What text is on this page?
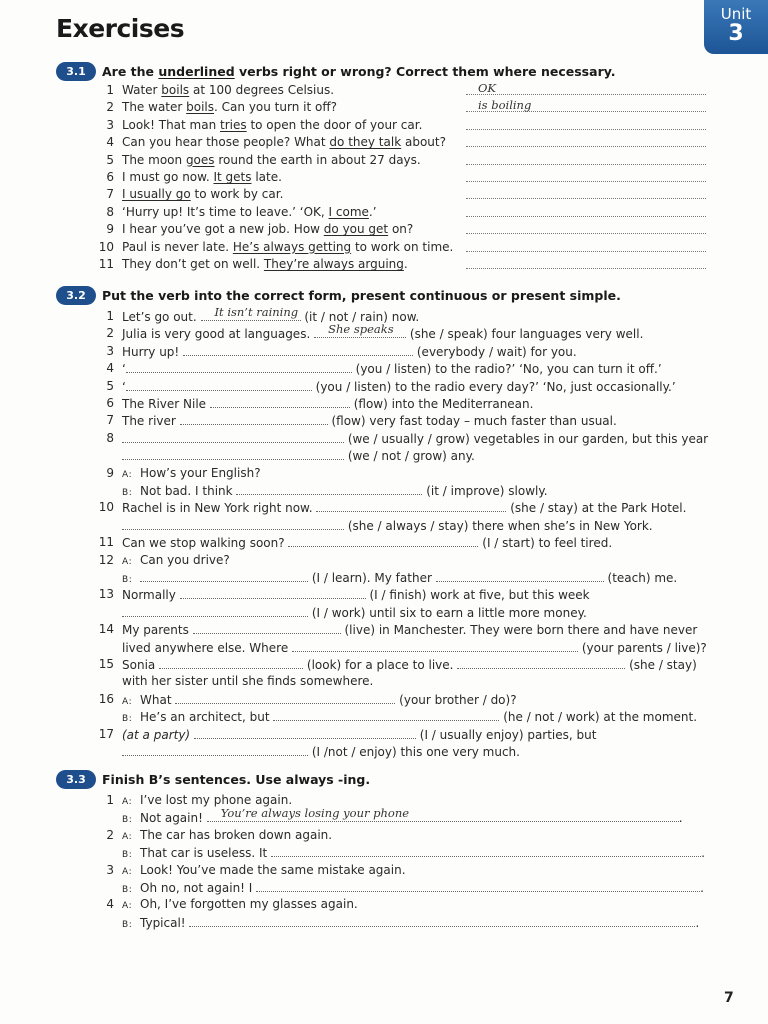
Exercises	Unit
3
3.1	Are the underlined verbs right or wrong? Correct them where necessary.
1 Water boils at 100 degrees Celsius.	OK
2 The water boils. Can you turn it off?	is boiling
3 Look! That man tries to open the door of your car.
4 Can you hear those people? What do they talk about?
5 The moon goes round the earth in about 27 days.
6 I must go now. It gets late.
7 I usually go to work by car.
8 ‘Hurry up! It’s time to leave.’ ‘OK, I come.’
9 I hear you’ve got a new job. How do you get on?
10 Paul is never late. He’s always getting to work on time.
11 They don’t get on well. They’re always arguing.
3.2	Put the verb into the correct form, present continuous or present simple.
1 Let’s go out. It isn’t raining (it / not / rain) now.
2 Julia is very good at languages. She speaks (she / speak) four languages very well.
3 Hurry up!	(everybody / wait) for you.
4 ‘	(you / listen) to the radio?’ ‘No, you can turn it off.’
5 ‘	(you / listen) to the radio every day?’ ‘No, just occasionally.’
6 The River Nile	(flow) into the Mediterranean.
7 The river	(flow) very fast today – much faster than usual.
8	(we / usually / grow) vegetables in our garden, but this year
(we / not / grow) any.
9 A: How’s your English?
B: Not bad. I think	(it / improve) slowly.
10 Rachel is in New York right now.	(she / stay) at the Park Hotel.
(she / always / stay) there when she’s in New York.
11 Can we stop walking soon?	(I / start) to feel tired.
12 A: Can you drive?
B:	(I / learn). My father	(teach) me.
13 Normally	(I / finish) work at five, but this week
(I / work) until six to earn a little more money.
14 My parents	(live) in Manchester. They were born there and have never
lived anywhere else. Where	(your parents / live)?
15 Sonia	(look) for a place to live.	(she / stay)
with her sister until she finds somewhere.
16 A: What	(your brother / do)?
B: He’s an architect, but	(he / not / work) at the moment.
17 (at a party)	(I / usually enjoy) parties, but
(I /not / enjoy) this one very much.
3.3	Finish B’s sentences. Use always -ing.
1 A: I’ve lost my phone again.
B: Not again! You’re always losing your phone	.
2 A: The car has broken down again.
B: That car is useless. It	.
3 A: Look! You’ve made the same mistake again.
B: Oh no, not again! I	.
4 A: Oh, I’ve forgotten my glasses again.
B: Typical!	.
7
